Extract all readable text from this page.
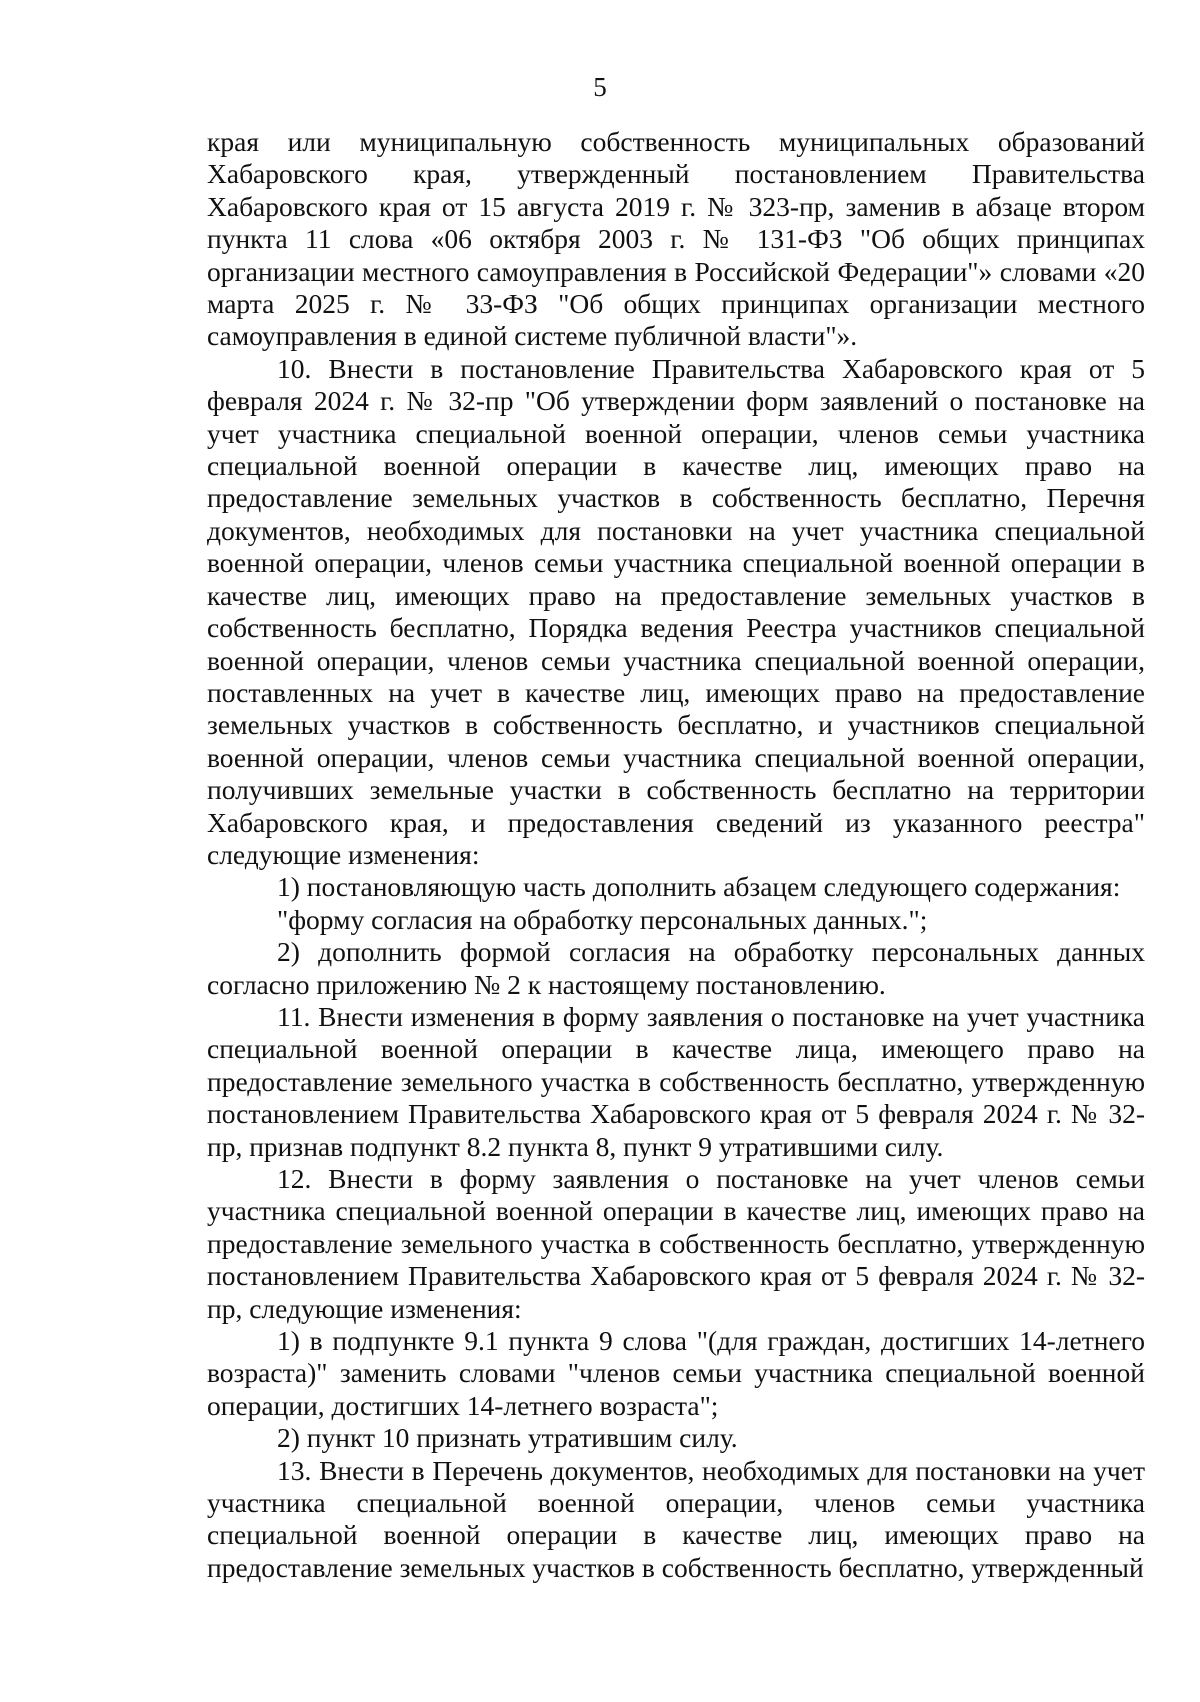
5

края или муниципальную собственность муниципальных образований Хабаровского края, утвержденный постановлением Правительства Хабаровского края от 15 августа 2019 г. № 323-пр, заменив в абзаце втором пункта 11 слова «06 октября 2003 г. № 131-ФЗ "Об общих принципах организации местного самоуправления в Российской Федерации"» словами «20 марта 2025 г. № 33-ФЗ "Об общих принципах организации местного самоуправления в единой системе публичной власти"».

10. Внести в постановление Правительства Хабаровского края от 5 февраля 2024 г. № 32-пр "Об утверждении форм заявлений о постановке на учет участника специальной военной операции, членов семьи участника специальной военной операции в качестве лиц, имеющих право на предоставление земельных участков в собственность бесплатно, Перечня документов, необходимых для постановки на учет участника специальной военной операции, членов семьи участника специальной военной операции в качестве лиц, имеющих право на предоставление земельных участков в собственность бесплатно, Порядка ведения Реестра участников специальной военной операции, членов семьи участника специальной военной операции, поставленных на учет в качестве лиц, имеющих право на предоставление земельных участков в собственность бесплатно, и участников специальной военной операции, членов семьи участника специальной военной операции, получивших земельные участки в собственность бесплатно на территории Хабаровского края, и предоставления сведений из указанного реестра" следующие изменения:

1) постановляющую часть дополнить абзацем следующего содержания:

"форму согласия на обработку персональных данных.";

2) дополнить формой согласия на обработку персональных данных согласно приложению № 2 к настоящему постановлению.

11. Внести изменения в форму заявления о постановке на учет участника специальной военной операции в качестве лица, имеющего право на предоставление земельного участка в собственность бесплатно, утвержденную постановлением Правительства Хабаровского края от 5 февраля 2024 г. № 32-пр, признав подпункт 8.2 пункта 8, пункт 9 утратившими силу.

12. Внести в форму заявления о постановке на учет членов семьи участника специальной военной операции в качестве лиц, имеющих право на предоставление земельного участка в собственность бесплатно, утвержденную постановлением Правительства Хабаровского края от 5 февраля 2024 г. № 32-пр, следующие изменения:

1) в подпункте 9.1 пункта 9 слова "(для граждан, достигших 14-летнего возраста)" заменить словами "членов семьи участника специальной военной операции, достигших 14-летнего возраста";

2) пункт 10 признать утратившим силу.

13. Внести в Перечень документов, необходимых для постановки на учет участника специальной военной операции, членов семьи участника специальной военной операции в качестве лиц, имеющих право на предоставление земельных участков в собственность бесплатно, утвержденный
